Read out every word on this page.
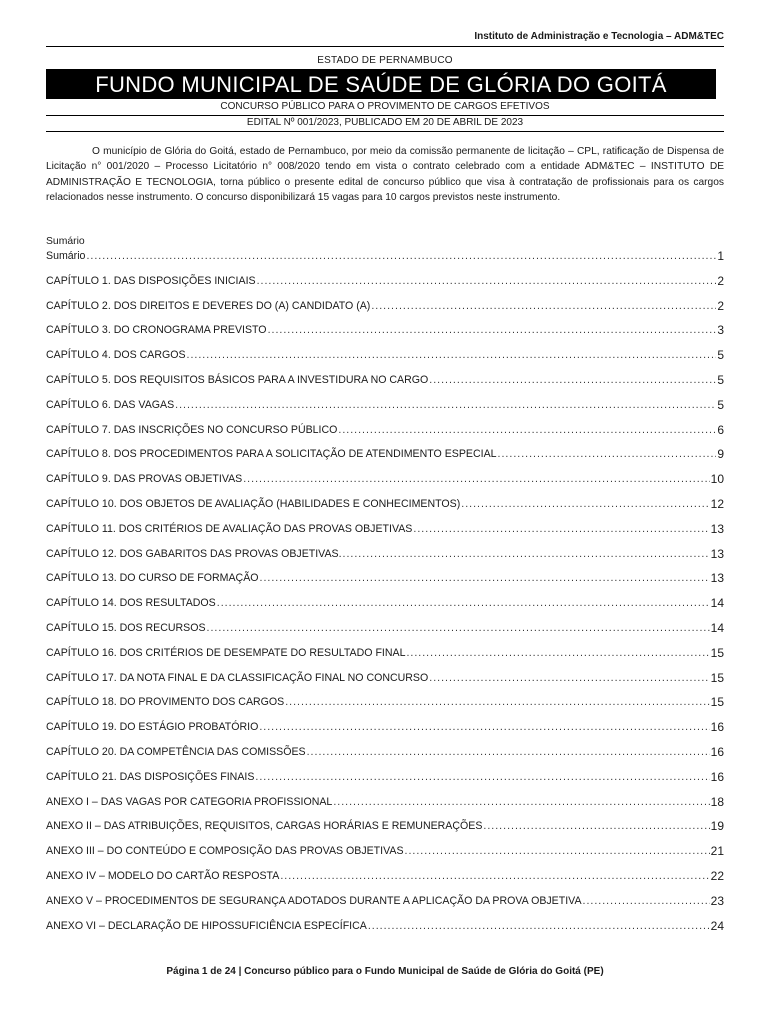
Instituto de Administração e Tecnologia – ADM&TEC
ESTADO DE PERNAMBUCO
FUNDO MUNICIPAL DE SAÚDE DE GLÓRIA DO GOITÁ
CONCURSO PÚBLICO PARA O PROVIMENTO DE CARGOS EFETIVOS
EDITAL Nº 001/2023, PUBLICADO EM 20 DE ABRIL DE 2023

O município de Glória do Goitá, estado de Pernambuco, por meio da comissão permanente de licitação – CPL, ratificação de Dispensa de Licitação n° 001/2020 – Processo Licitatório n° 008/2020 tendo em vista o contrato celebrado com a entidade ADM&TEC – INSTITUTO DE ADMINISTRAÇÃO E TECNOLOGIA, torna público o presente edital de concurso público que visa à contratação de profissionais para os cargos relacionados nesse instrumento. O concurso disponibilizará 15 vagas para 10 cargos previstos neste instrumento.

Sumário
Sumário .....	1
CAPÍTULO 1. DAS DISPOSIÇÕES INICIAIS .....	2
CAPÍTULO 2. DOS DIREITOS E DEVERES DO (A) CANDIDATO (A) .....	2
CAPÍTULO 3. DO CRONOGRAMA PREVISTO .....	3
CAPÍTULO 4. DOS CARGOS .....	5
CAPÍTULO 5. DOS REQUISITOS BÁSICOS PARA A INVESTIDURA NO CARGO .....	5
CAPÍTULO 6. DAS VAGAS .....	5
CAPÍTULO 7. DAS INSCRIÇÕES NO CONCURSO PÚBLICO .....	6
CAPÍTULO 8. DOS PROCEDIMENTOS PARA A SOLICITAÇÃO DE ATENDIMENTO ESPECIAL .....	9
CAPÍTULO 9. DAS PROVAS OBJETIVAS .....	10
CAPÍTULO 10. DOS OBJETOS DE AVALIAÇÃO (HABILIDADES E CONHECIMENTOS) .....	12
CAPÍTULO 11. DOS CRITÉRIOS DE AVALIAÇÃO DAS PROVAS OBJETIVAS .....	13
CAPÍTULO 12. DOS GABARITOS DAS PROVAS OBJETIVAS. .....	13
CAPÍTULO 13. DO CURSO DE FORMAÇÃO .....	13
CAPÍTULO 14. DOS RESULTADOS .....	14
CAPÍTULO 15. DOS RECURSOS .....	14
CAPÍTULO 16. DOS CRITÉRIOS DE DESEMPATE DO RESULTADO FINAL .....	15
CAPÍTULO 17. DA NOTA FINAL E DA CLASSIFICAÇÃO FINAL NO CONCURSO .....	15
CAPÍTULO 18. DO PROVIMENTO DOS CARGOS .....	15
CAPÍTULO 19. DO ESTÁGIO PROBATÓRIO .....	16
CAPÍTULO 20. DA COMPETÊNCIA DAS COMISSÕES .....	16
CAPÍTULO 21. DAS DISPOSIÇÕES FINAIS .....	16
ANEXO I – DAS VAGAS POR CATEGORIA PROFISSIONAL .....	18
ANEXO II – DAS ATRIBUIÇÕES, REQUISITOS, CARGAS HORÁRIAS E REMUNERAÇÕES .....	19
ANEXO III – DO CONTEÚDO E COMPOSIÇÃO DAS PROVAS OBJETIVAS .....	21
ANEXO IV – MODELO DO CARTÃO RESPOSTA .....	22
ANEXO V – PROCEDIMENTOS DE SEGURANÇA ADOTADOS DURANTE A APLICAÇÃO DA PROVA OBJETIVA .....	23
ANEXO VI – DECLARAÇÃO DE HIPOSSUFICIÊNCIA ESPECÍFICA .....	24
Página 1 de 24 | Concurso público para o Fundo Municipal de Saúde de Glória do Goitá (PE)
